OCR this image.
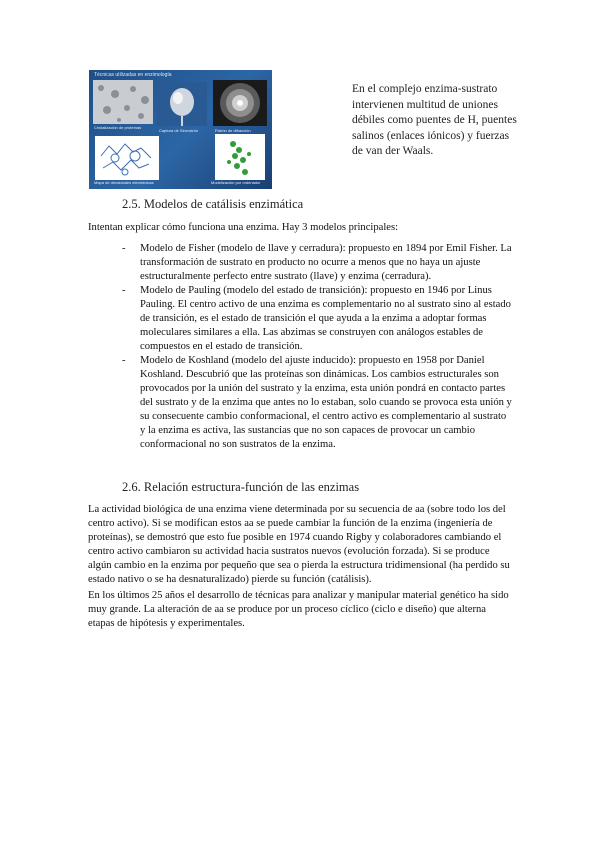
Técnicas utilizadas en enzimología
Cristalización de proteínas
Captura de Sincrotrón	Patrón de difracción
Mapa de densidades electrónicas	Modelización por ordenador
En el complejo enzima-sustrato intervienen multitud de uniones débiles como puentes de H, puentes salinos (enlaces iónicos) y fuerzas de van der Waals.
2.5. Modelos de catálisis enzimática
Intentan explicar cómo funciona una enzima. Hay 3 modelos principales:
- Modelo de Fisher (modelo de llave y cerradura): propuesto en 1894 por Emil Fisher. La transformación de sustrato en producto no ocurre a menos que no haya un ajuste estructuralmente perfecto entre sustrato (llave) y enzima (cerradura).
- Modelo de Pauling (modelo del estado de transición): propuesto en 1946 por Linus Pauling. El centro activo de una enzima es complementario no al sustrato sino al estado de transición, es el estado de transición el que ayuda a la enzima a adoptar formas moleculares similares a ella. Las abzimas se construyen con análogos estables de compuestos en el estado de transición.
- Modelo de Koshland (modelo del ajuste inducido): propuesto en 1958 por Daniel Koshland. Descubrió que las proteínas son dinámicas. Los cambios estructurales son provocados por la unión del sustrato y la enzima, esta unión pondrá en contacto partes del sustrato y de la enzima que antes no lo estaban, solo cuando se provoca esta unión y su consecuente cambio conformacional, el centro activo es complementario al sustrato y la enzima es activa, las sustancias que no son capaces de provocar un cambio conformacional no son sustratos de la enzima.
2.6. Relación estructura-función de las enzimas
La actividad biológica de una enzima viene determinada por su secuencia de aa (sobre todo los del centro activo). Si se modifican estos aa se puede cambiar la función de la enzima (ingeniería de proteínas), se demostró que esto fue posible en 1974 cuando Rigby y colaboradores cambiando el centro activo cambiaron su actividad hacia sustratos nuevos (evolución forzada). Si se produce algún cambio en la enzima por pequeño que sea o pierda la estructura tridimensional (ha perdido su estado nativo o se ha desnaturalizado) pierde su función (catálisis).
En los últimos 25 años el desarrollo de técnicas para analizar y manipular material genético ha sido muy grande. La alteración de aa se produce por un proceso cíclico (ciclo e diseño) que alterna etapas de hipótesis y experimentales.
